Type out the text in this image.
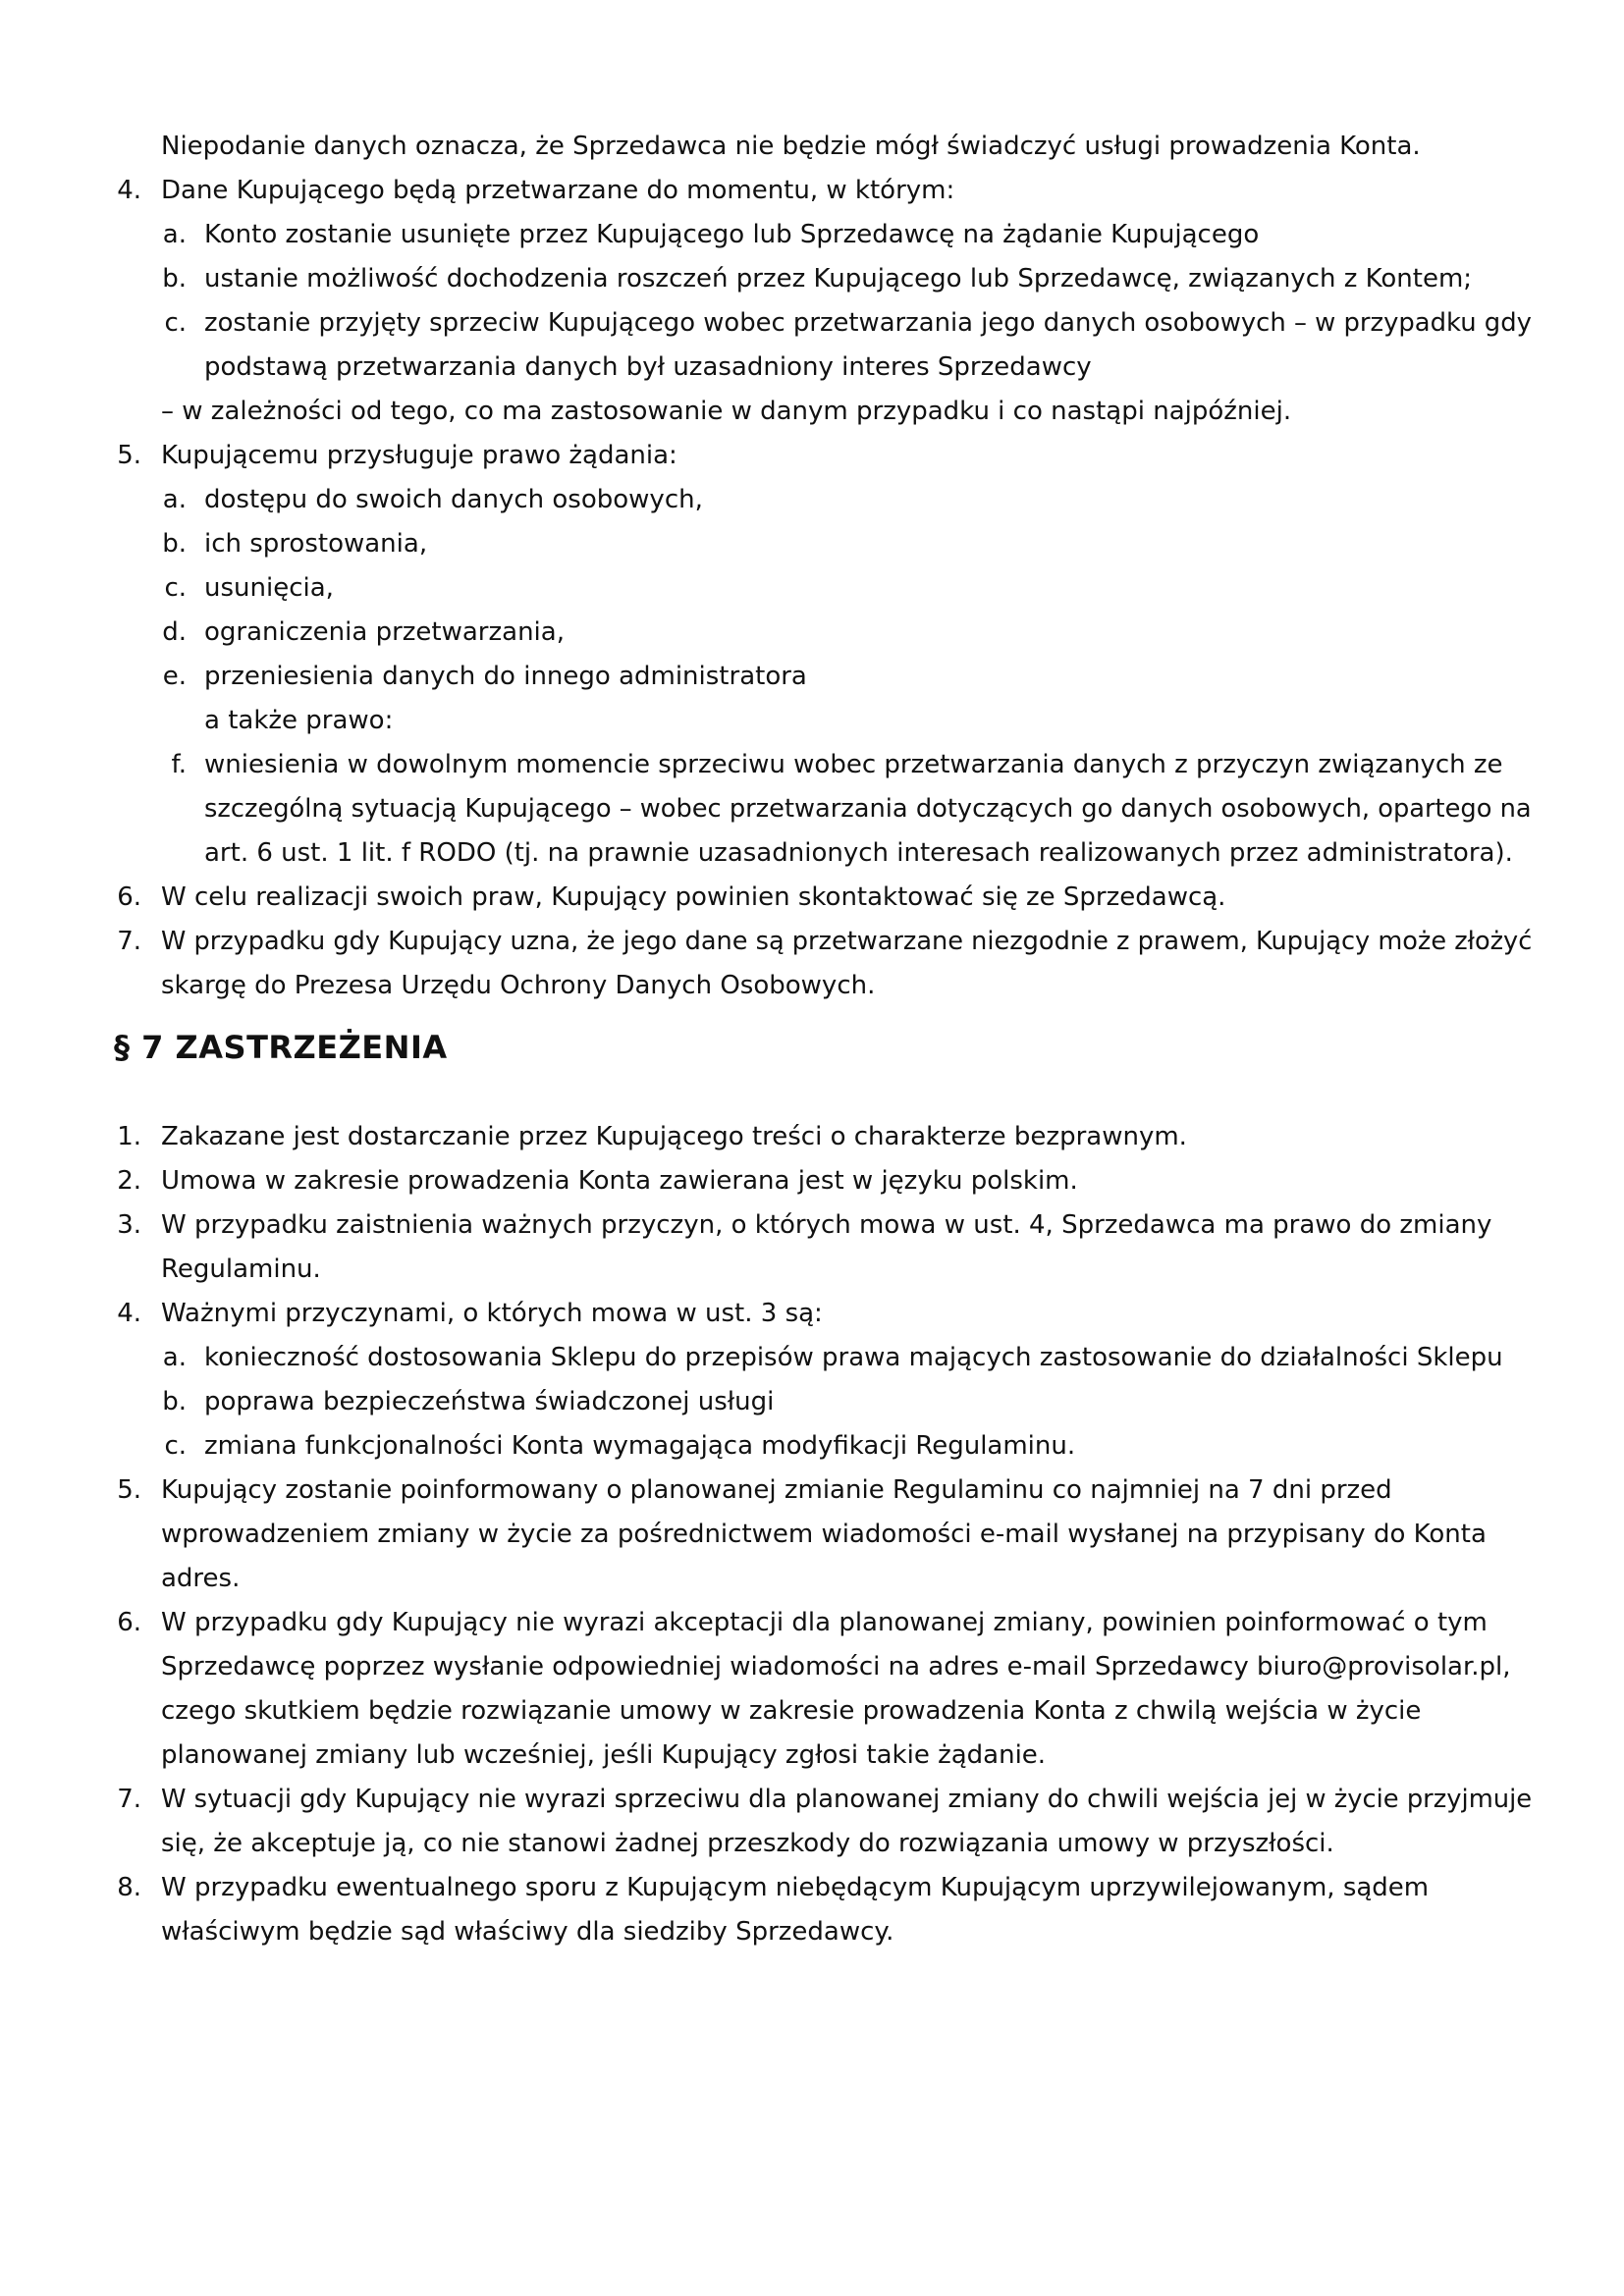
Niepodanie danych oznacza, że Sprzedawca nie będzie mógł świadczyć usługi prowadzenia Konta.
4. Dane Kupującego będą przetwarzane do momentu, w którym:
a. Konto zostanie usunięte przez Kupującego lub Sprzedawcę na żądanie Kupującego
b. ustanie możliwość dochodzenia roszczeń przez Kupującego lub Sprzedawcę, związanych z Kontem;
c. zostanie przyjęty sprzeciw Kupującego wobec przetwarzania jego danych osobowych – w przypadku gdy
podstawą przetwarzania danych był uzasadniony interes Sprzedawcy
– w zależności od tego, co ma zastosowanie w danym przypadku i co nastąpi najpóźniej.
5. Kupującemu przysługuje prawo żądania:
a. dostępu do swoich danych osobowych,
b. ich sprostowania,
c. usunięcia,
d. ograniczenia przetwarzania,
e. przeniesienia danych do innego administratora
a także prawo:
f. wniesienia w dowolnym momencie sprzeciwu wobec przetwarzania danych z przyczyn związanych ze
szczególną sytuacją Kupującego – wobec przetwarzania dotyczących go danych osobowych, opartego na
art. 6 ust. 1 lit. f RODO (tj. na prawnie uzasadnionych interesach realizowanych przez administratora).
6. W celu realizacji swoich praw, Kupujący powinien skontaktować się ze Sprzedawcą.
7. W przypadku gdy Kupujący uzna, że jego dane są przetwarzane niezgodnie z prawem, Kupujący może złożyć
skargę do Prezesa Urzędu Ochrony Danych Osobowych.
§ 7 ZASTRZEŻENIA
1. Zakazane jest dostarczanie przez Kupującego treści o charakterze bezprawnym.
2. Umowa w zakresie prowadzenia Konta zawierana jest w języku polskim.
3. W przypadku zaistnienia ważnych przyczyn, o których mowa w ust. 4, Sprzedawca ma prawo do zmiany
Regulaminu.
4. Ważnymi przyczynami, o których mowa w ust. 3 są:
a. konieczność dostosowania Sklepu do przepisów prawa mających zastosowanie do działalności Sklepu
b. poprawa bezpieczeństwa świadczonej usługi
c. zmiana funkcjonalności Konta wymagająca modyfikacji Regulaminu.
5. Kupujący zostanie poinformowany o planowanej zmianie Regulaminu co najmniej na 7 dni przed
wprowadzeniem zmiany w życie za pośrednictwem wiadomości e-mail wysłanej na przypisany do Konta
adres.
6. W przypadku gdy Kupujący nie wyrazi akceptacji dla planowanej zmiany, powinien poinformować o tym
Sprzedawcę poprzez wysłanie odpowiedniej wiadomości na adres e-mail Sprzedawcy biuro@provisolar.pl,
czego skutkiem będzie rozwiązanie umowy w zakresie prowadzenia Konta z chwilą wejścia w życie
planowanej zmiany lub wcześniej, jeśli Kupujący zgłosi takie żądanie.
7. W sytuacji gdy Kupujący nie wyrazi sprzeciwu dla planowanej zmiany do chwili wejścia jej w życie przyjmuje
się, że akceptuje ją, co nie stanowi żadnej przeszkody do rozwiązania umowy w przyszłości.
8. W przypadku ewentualnego sporu z Kupującym niebędącym Kupującym uprzywilejowanym, sądem
właściwym będzie sąd właściwy dla siedziby Sprzedawcy.
